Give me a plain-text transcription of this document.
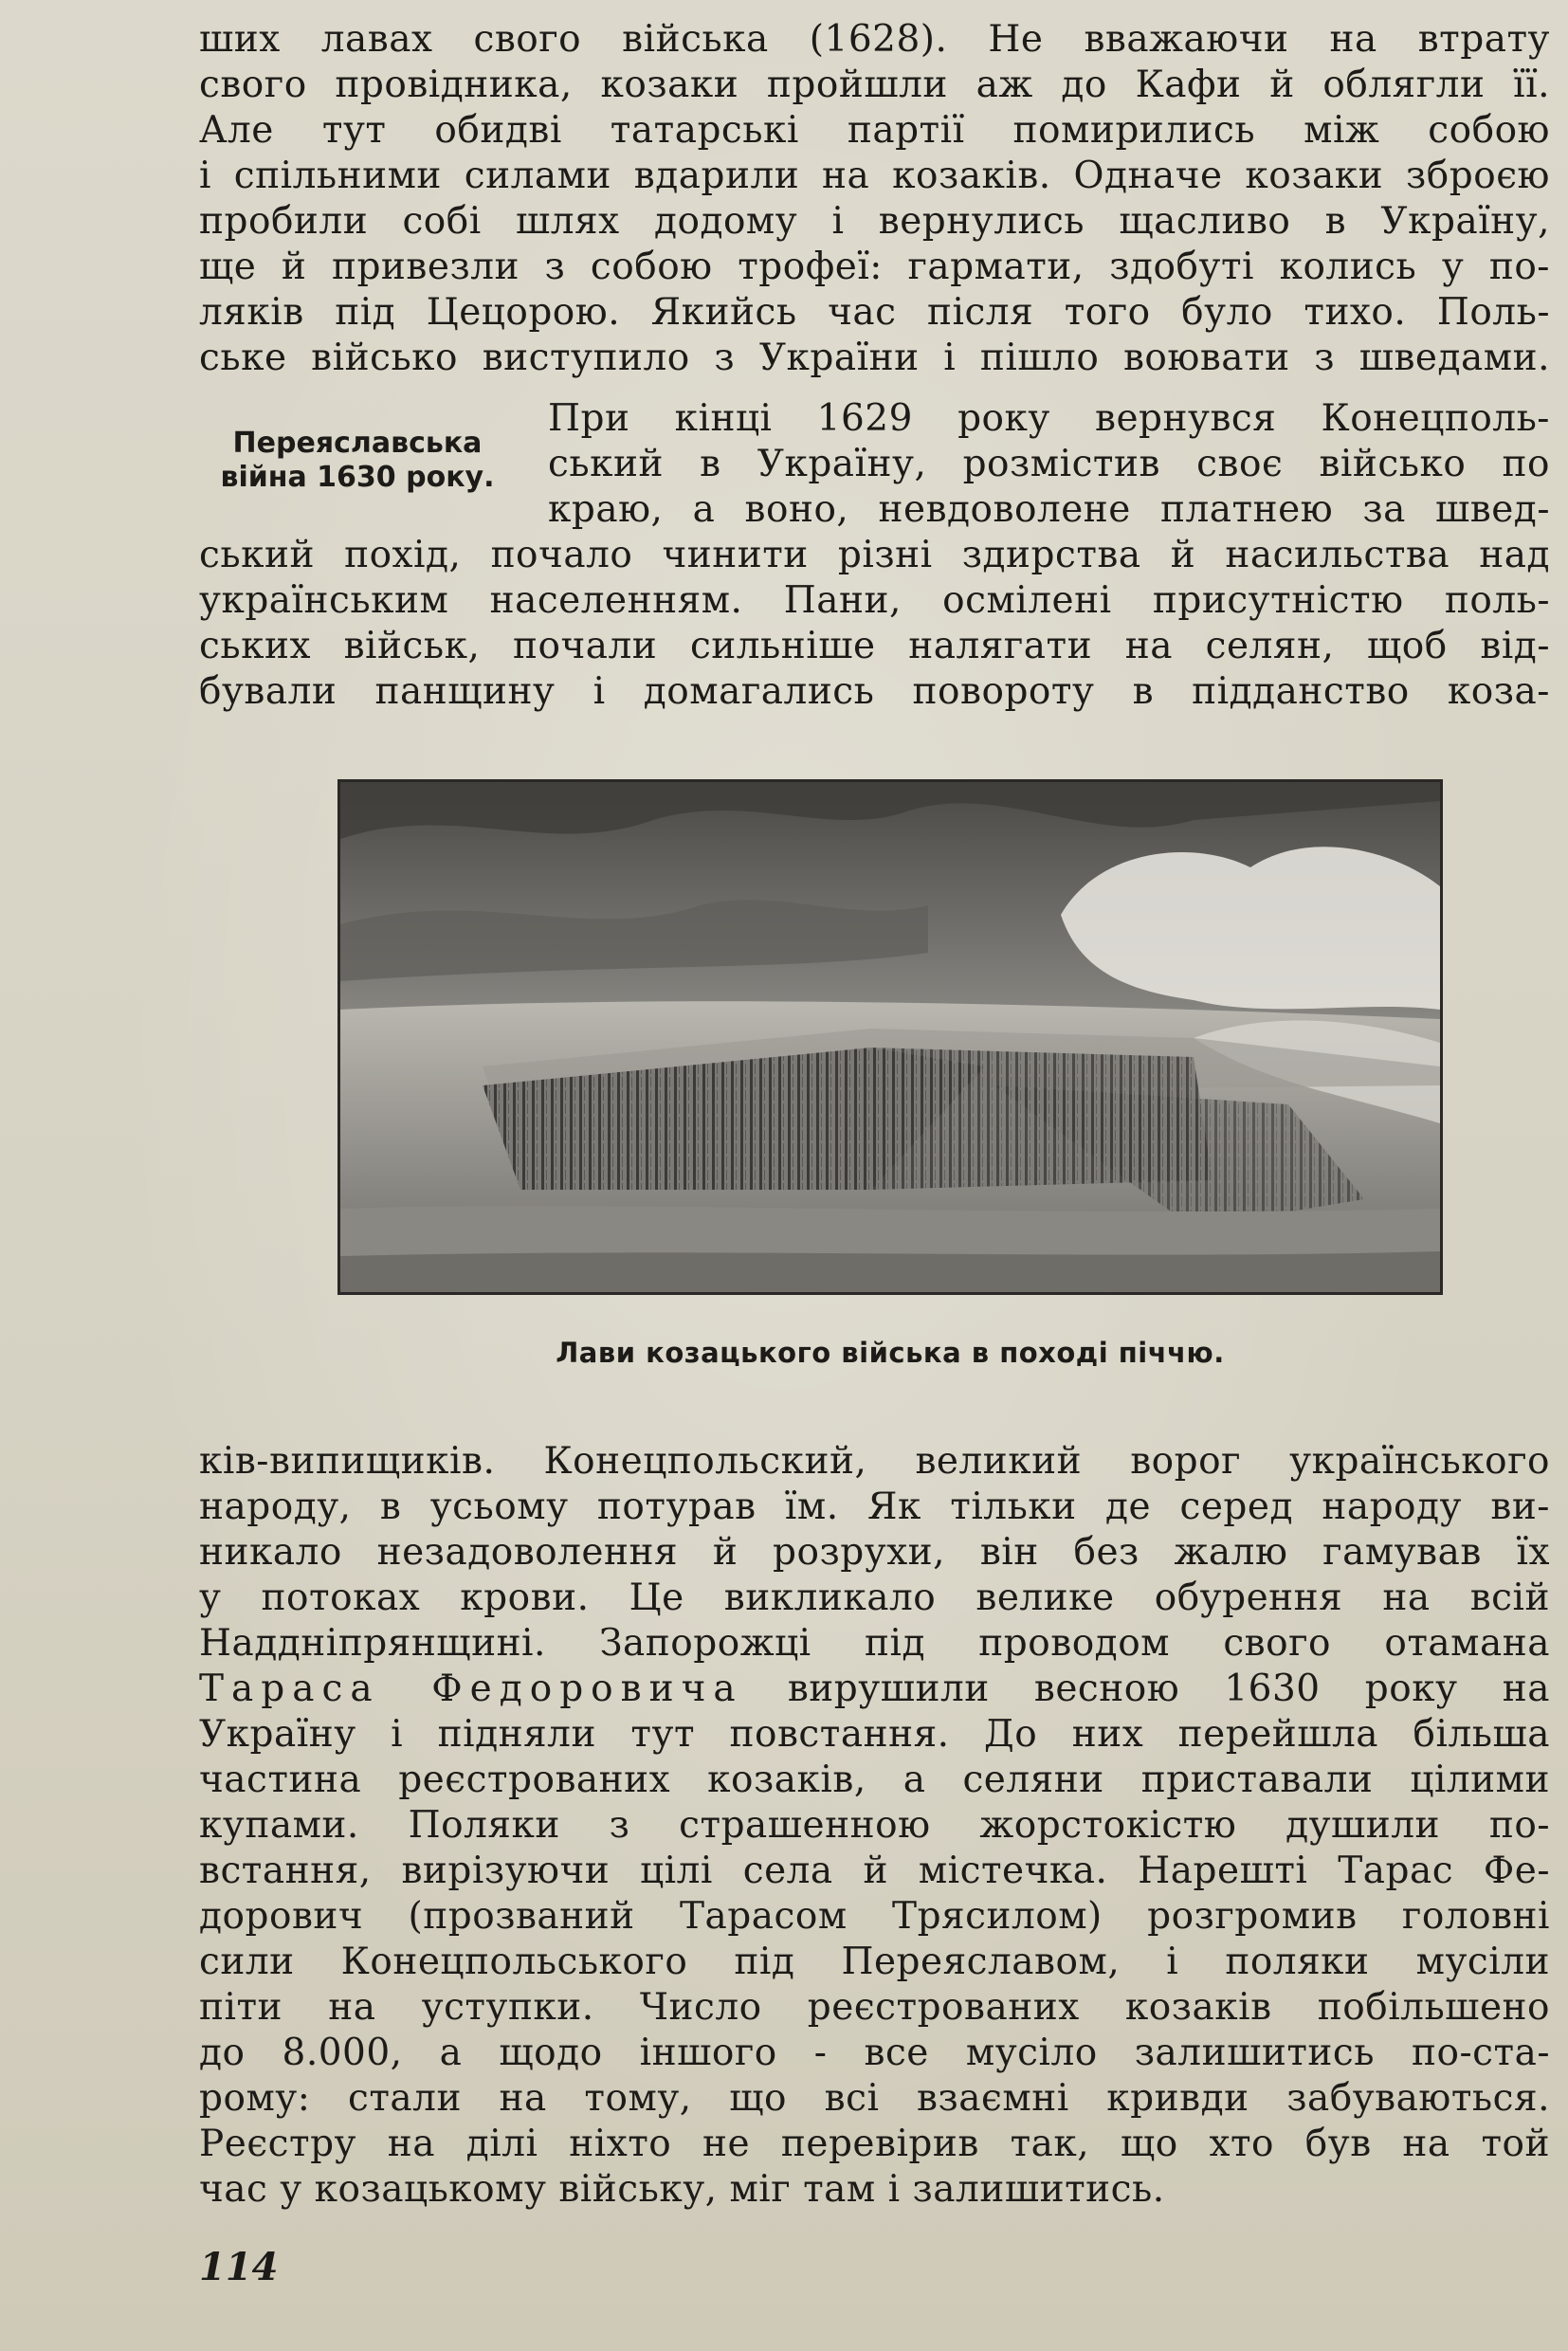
ших лавах свого війська (1628). Не вважаючи на втрату
свого провідника, козаки пройшли аж до Кафи й облягли її.
Але тут обидві татарські партії помирились між собою
і спільними силами вдарили на козаків. Одначе козаки зброєю
пробили собі шлях додому і вернулись щасливо в Україну,
ще й привезли з собою трофеї: гармати, здобуті колись у по-
ляків під Цецорою. Якийсь час після того було тихо. Поль-
ське військо виступило з України і пішло воювати з шведами.
Переяславська
війна 1630 року.
При кінці 1629 року вернувся Конецполь-
ський в Україну, розмістив своє військо по
краю, а воно, невдоволене платнею за швед-
ський похід, почало чинити різні здирства й насильства над
українським населенням. Пани, осмілені присутністю поль-
ських військ, почали сильніше налягати на селян, щоб від-
бували панщину і домагались повороту в підданство коза-
Лави козацького війська в поході піччю.
ків-випищиків. Конецпольский, великий ворог українського
народу, в усьому потурав їм. Як тільки де серед народу ви-
никало незадоволення й розрухи, він без жалю гамував їх
у потоках крови. Це викликало велике обурення на всій
Наддніпрянщині. Запорожці під проводом свого отамана
Тараса Федоровича вирушили весною 1630 року на
Україну і підняли тут повстання. До них перейшла більша
частина реєстрованих козаків, а селяни приставали цілими
купами. Поляки з страшенною жорстокістю душили по-
встання, вирізуючи цілі села й містечка. Нарешті Тарас Фе-
дорович (прозваний Тарасом Трясилом) розгромив головні
сили Конецпольського під Переяславом, і поляки мусіли
піти на уступки. Число реєстрованих козаків побільшено
до 8.000, а щодо іншого - все мусіло залишитись по-ста-
рому: стали на тому, що всі взаємні кривди забуваються.
Реєстру на ділі ніхто не перевірив так, що хто був на той
час у козацькому війську, міг там і залишитись.
114
